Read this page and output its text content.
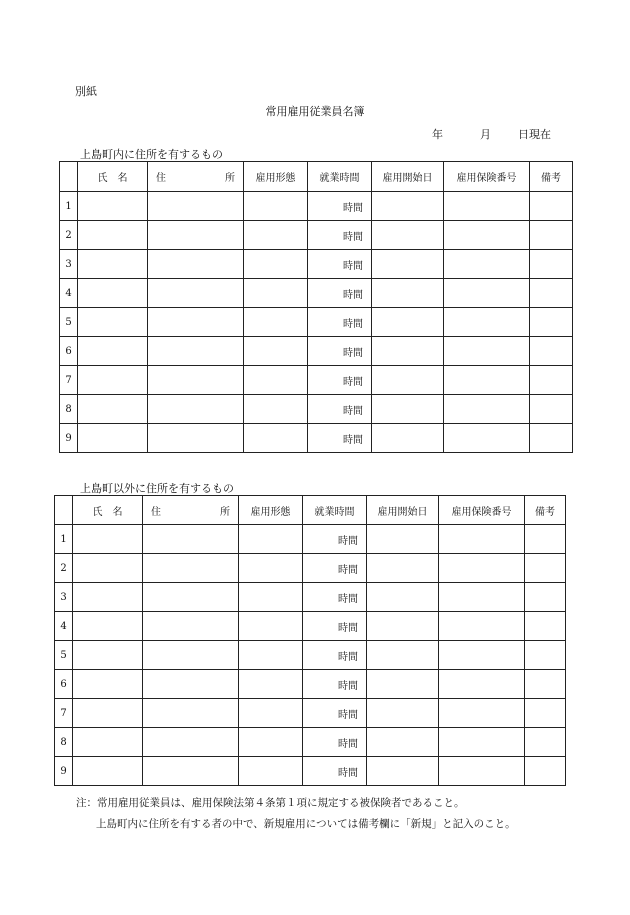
別紙
常用雇用従業員名簿
年	月 日現在
上島町内に住所を有するもの
	氏　名	住 所	雇用形態	就業時間	雇用開始日	雇用保険番号	備考
1				時間			
2				時間			
3				時間			
4				時間			
5				時間			
6				時間			
7				時間			
8				時間			
9				時間			
上島町以外に住所を有するもの
	氏　名	住 所	雇用形態	就業時間	雇用開始日	雇用保険番号	備考
1				時間			
2				時間			
3				時間			
4				時間			
5				時間			
6				時間			
7				時間			
8				時間			
9				時間			
注：常用雇用従業員は、雇用保険法第４条第１項に規定する被保険者であること。
上島町内に住所を有する者の中で、新規雇用については備考欄に「新規」と記入のこと。
